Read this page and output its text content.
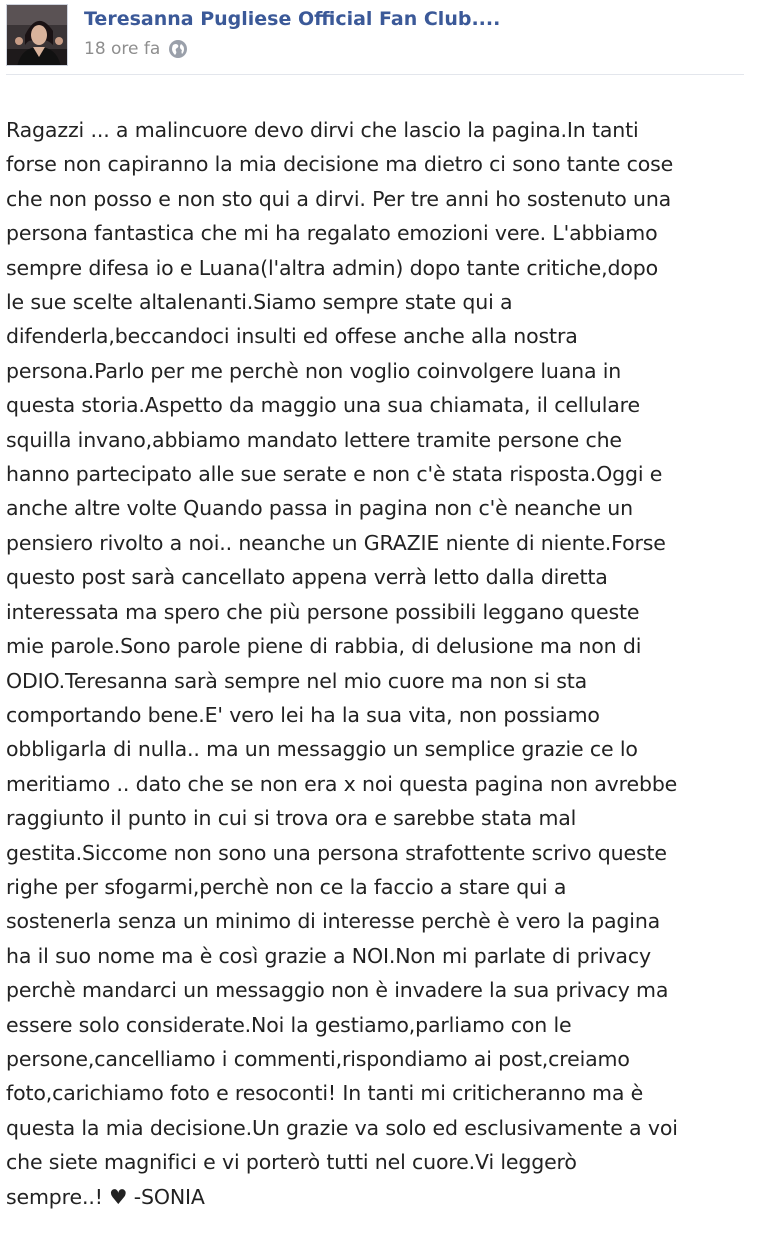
Teresanna Pugliese Official Fan Club....
18 ore fa

Ragazzi ... a malincuore devo dirvi che lascio la pagina.In tanti
forse non capiranno la mia decisione ma dietro ci sono tante cose
che non posso e non sto qui a dirvi. Per tre anni ho sostenuto una
persona fantastica che mi ha regalato emozioni vere. L'abbiamo
sempre difesa io e Luana(l'altra admin) dopo tante critiche,dopo
le sue scelte altalenanti.Siamo sempre state qui a
difenderla,beccandoci insulti ed offese anche alla nostra
persona.Parlo per me perchè non voglio coinvolgere luana in
questa storia.Aspetto da maggio una sua chiamata, il cellulare
squilla invano,abbiamo mandato lettere tramite persone che
hanno partecipato alle sue serate e non c'è stata risposta.Oggi e
anche altre volte Quando passa in pagina non c'è neanche un
pensiero rivolto a noi.. neanche un GRAZIE niente di niente.Forse
questo post sarà cancellato appena verrà letto dalla diretta
interessata ma spero che più persone possibili leggano queste
mie parole.Sono parole piene di rabbia, di delusione ma non di
ODIO.Teresanna sarà sempre nel mio cuore ma non si sta
comportando bene.E' vero lei ha la sua vita, non possiamo
obbligarla di nulla.. ma un messaggio un semplice grazie ce lo
meritiamo .. dato che se non era x noi questa pagina non avrebbe
raggiunto il punto in cui si trova ora e sarebbe stata mal
gestita.Siccome non sono una persona strafottente scrivo queste
righe per sfogarmi,perchè non ce la faccio a stare qui a
sostenerla senza un minimo di interesse perchè è vero la pagina
ha il suo nome ma è così grazie a NOI.Non mi parlate di privacy
perchè mandarci un messaggio non è invadere la sua privacy ma
essere solo considerate.Noi la gestiamo,parliamo con le
persone,cancelliamo i commenti,rispondiamo ai post,creiamo
foto,carichiamo foto e resoconti! In tanti mi criticheranno ma è
questa la mia decisione.Un grazie va solo ed esclusivamente a voi
che siete magnifici e vi porterò tutti nel cuore.Vi leggerò
sempre..! ♥ -SONIA
